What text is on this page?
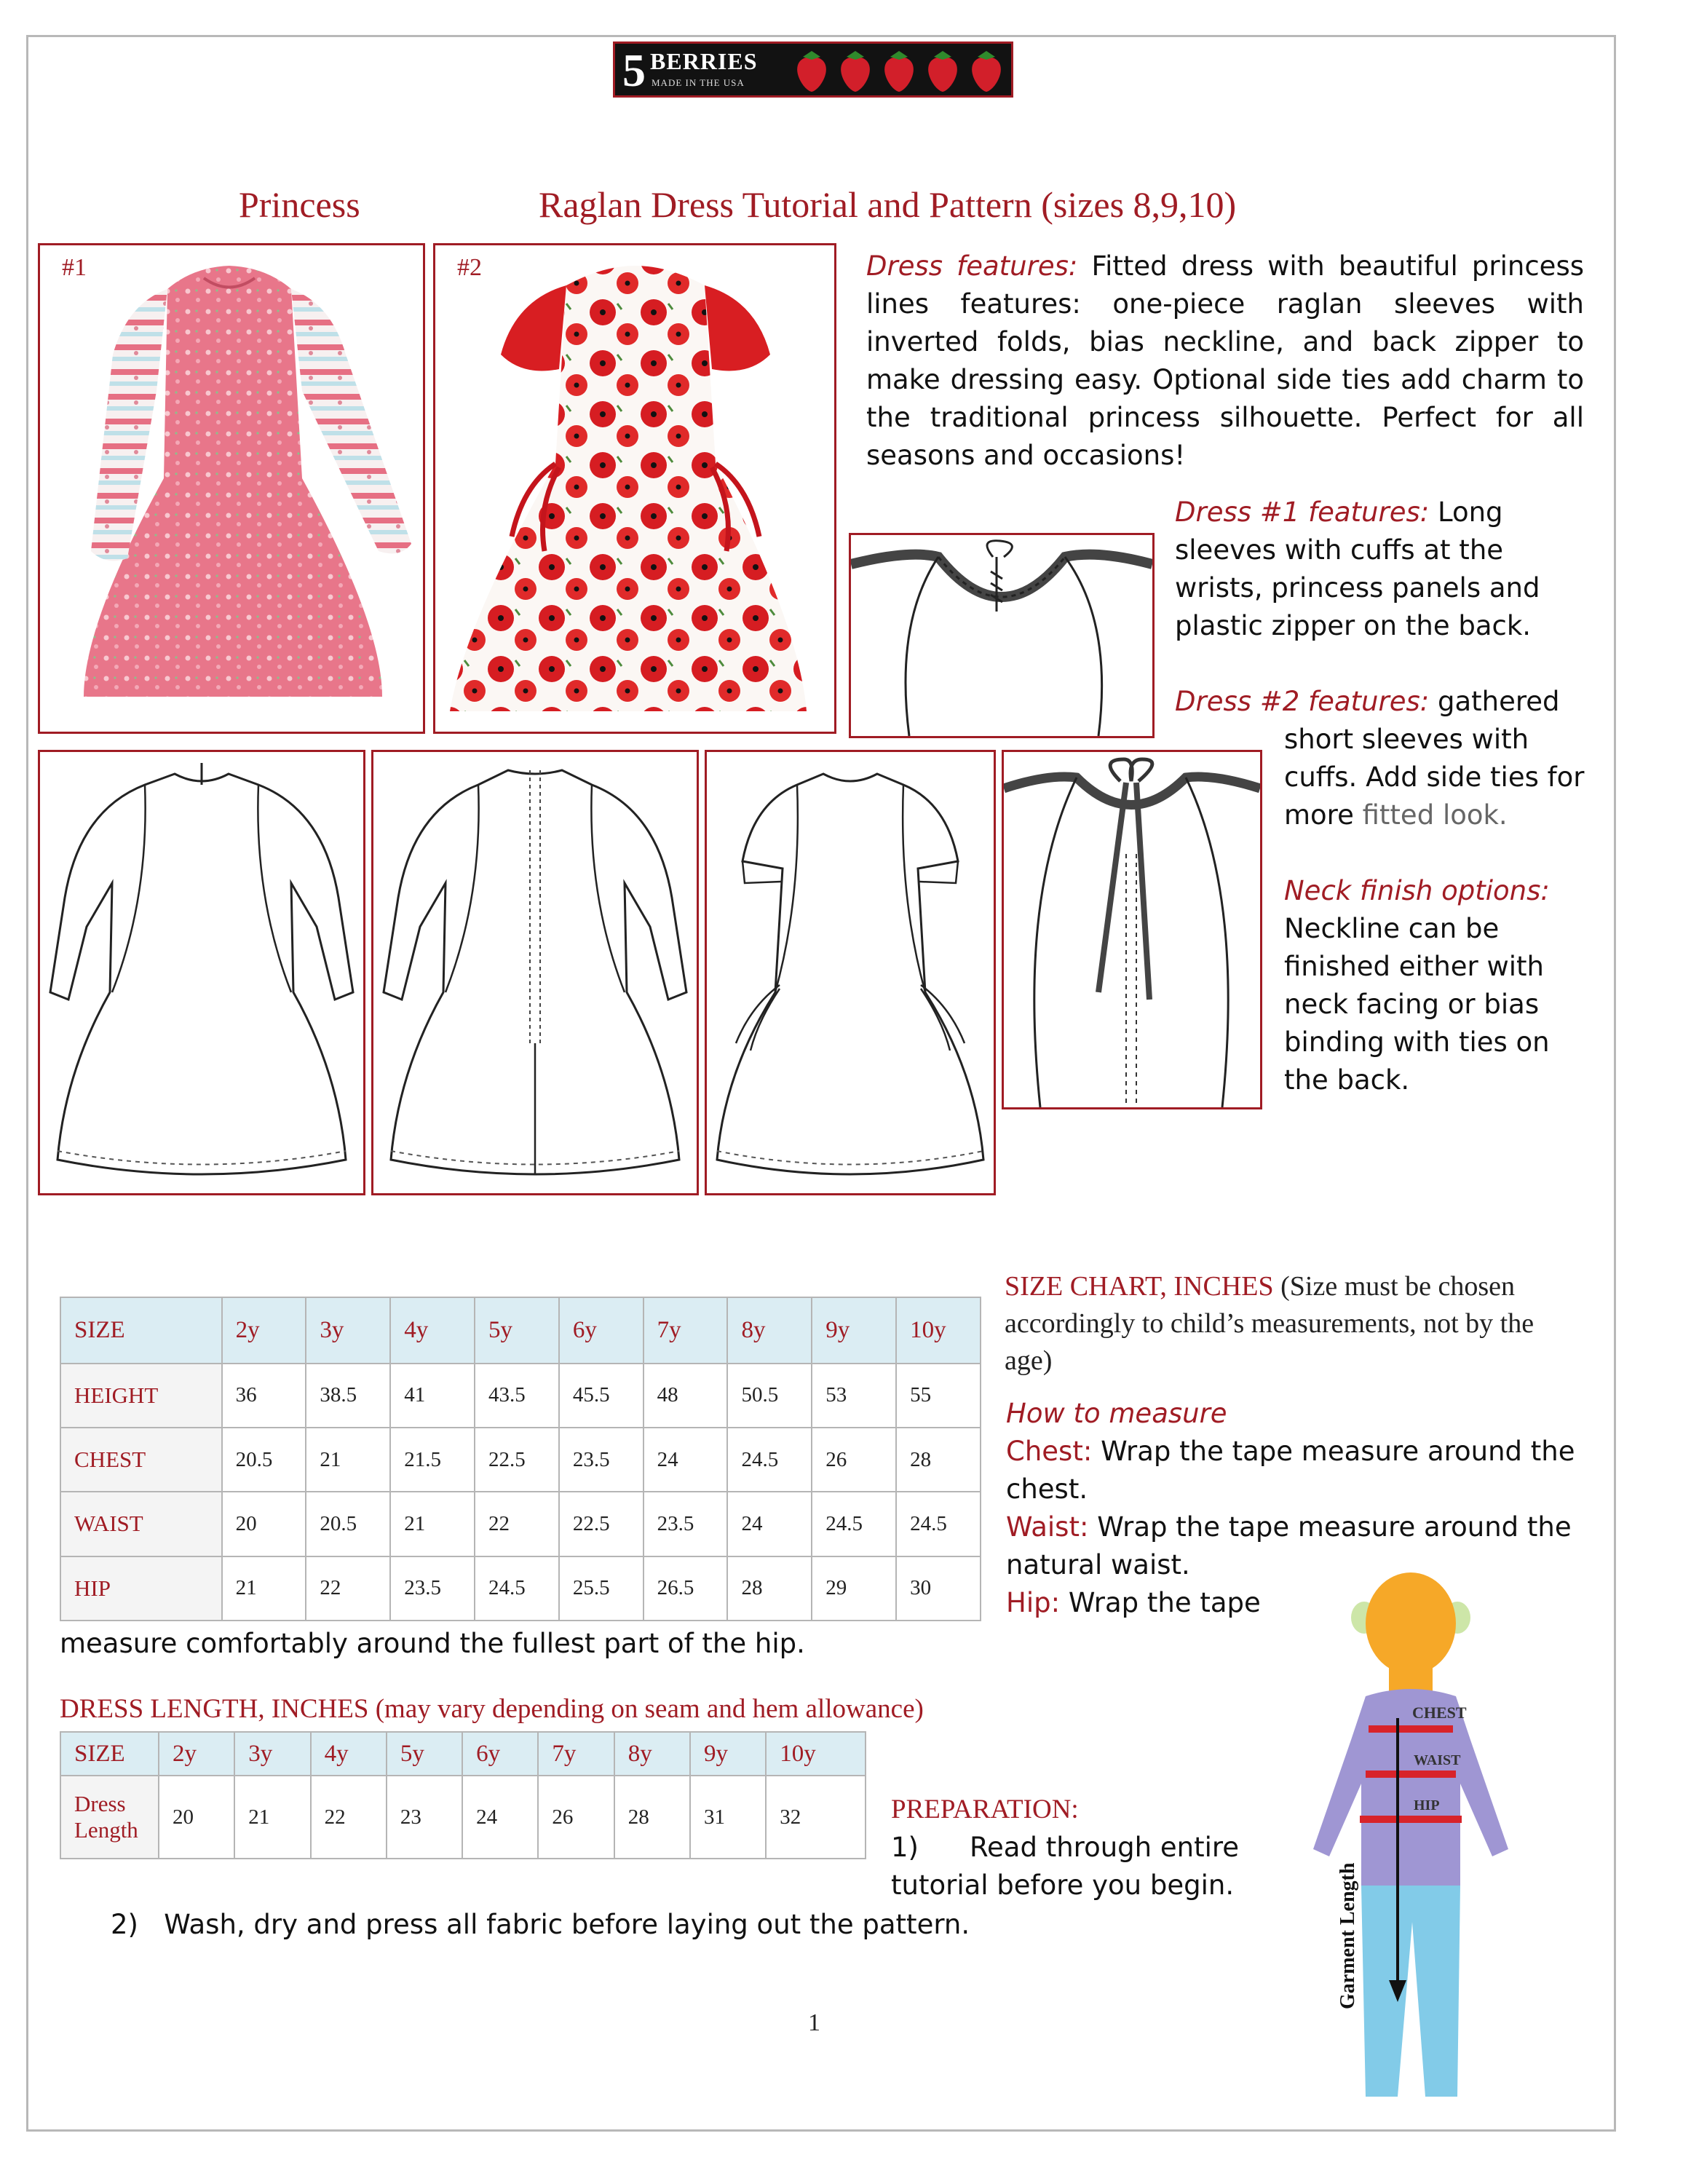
5 BERRIES
MADE IN THE USA
Princess	Raglan Dress Tutorial and Pattern (sizes 8,9,10)
#1	#2	Dress features: Fitted dress with beautiful princess lines features: one-piece raglan sleeves with inverted folds, bias neckline, and back zipper to make dressing easy. Optional side ties add charm to the traditional princess silhouette. Perfect for all seasons and occasions!
Dress #1 features: Long sleeves with cuffs at the wrists, princess panels and plastic zipper on the back.
Dress #2 features: gathered
short sleeves with cuffs. Add side ties for more fitted look.
Neck finish options:
Neckline can be finished either with neck facing or bias binding with ties on the back.
SIZE CHART, INCHES (Size must be chosen accordingly to child’s measurements, not by the age)
SIZE	2y	3y	4y	5y	6y	7y	8y	9y	10y
HEIGHT	36	38.5	41	43.5	45.5	48	50.5	53	55
CHEST	20.5	21	21.5	22.5	23.5	24	24.5	26	28
WAIST	20	20.5	21	22	22.5	23.5	24	24.5	24.5
HIP	21	22	23.5	24.5	25.5	26.5	28	29	30
How to measure
Chest: Wrap the tape measure around the chest.
Waist: Wrap the tape measure around the natural waist.
Hip: Wrap the tape
measure comfortably around the fullest part of the hip.
DRESS LENGTH, INCHES (may vary depending on seam and hem allowance)
SIZE	2y	3y	4y	5y	6y	7y	8y	9y	10y
Dress Length	20	21	22	23	24	26	28	31	32	PREPARATION:
1) Read through entire
tutorial before you begin.
2) Wash, dry and press all fabric before laying out the pattern.
CHEST
WAIST
HIP
Garment Length
1
